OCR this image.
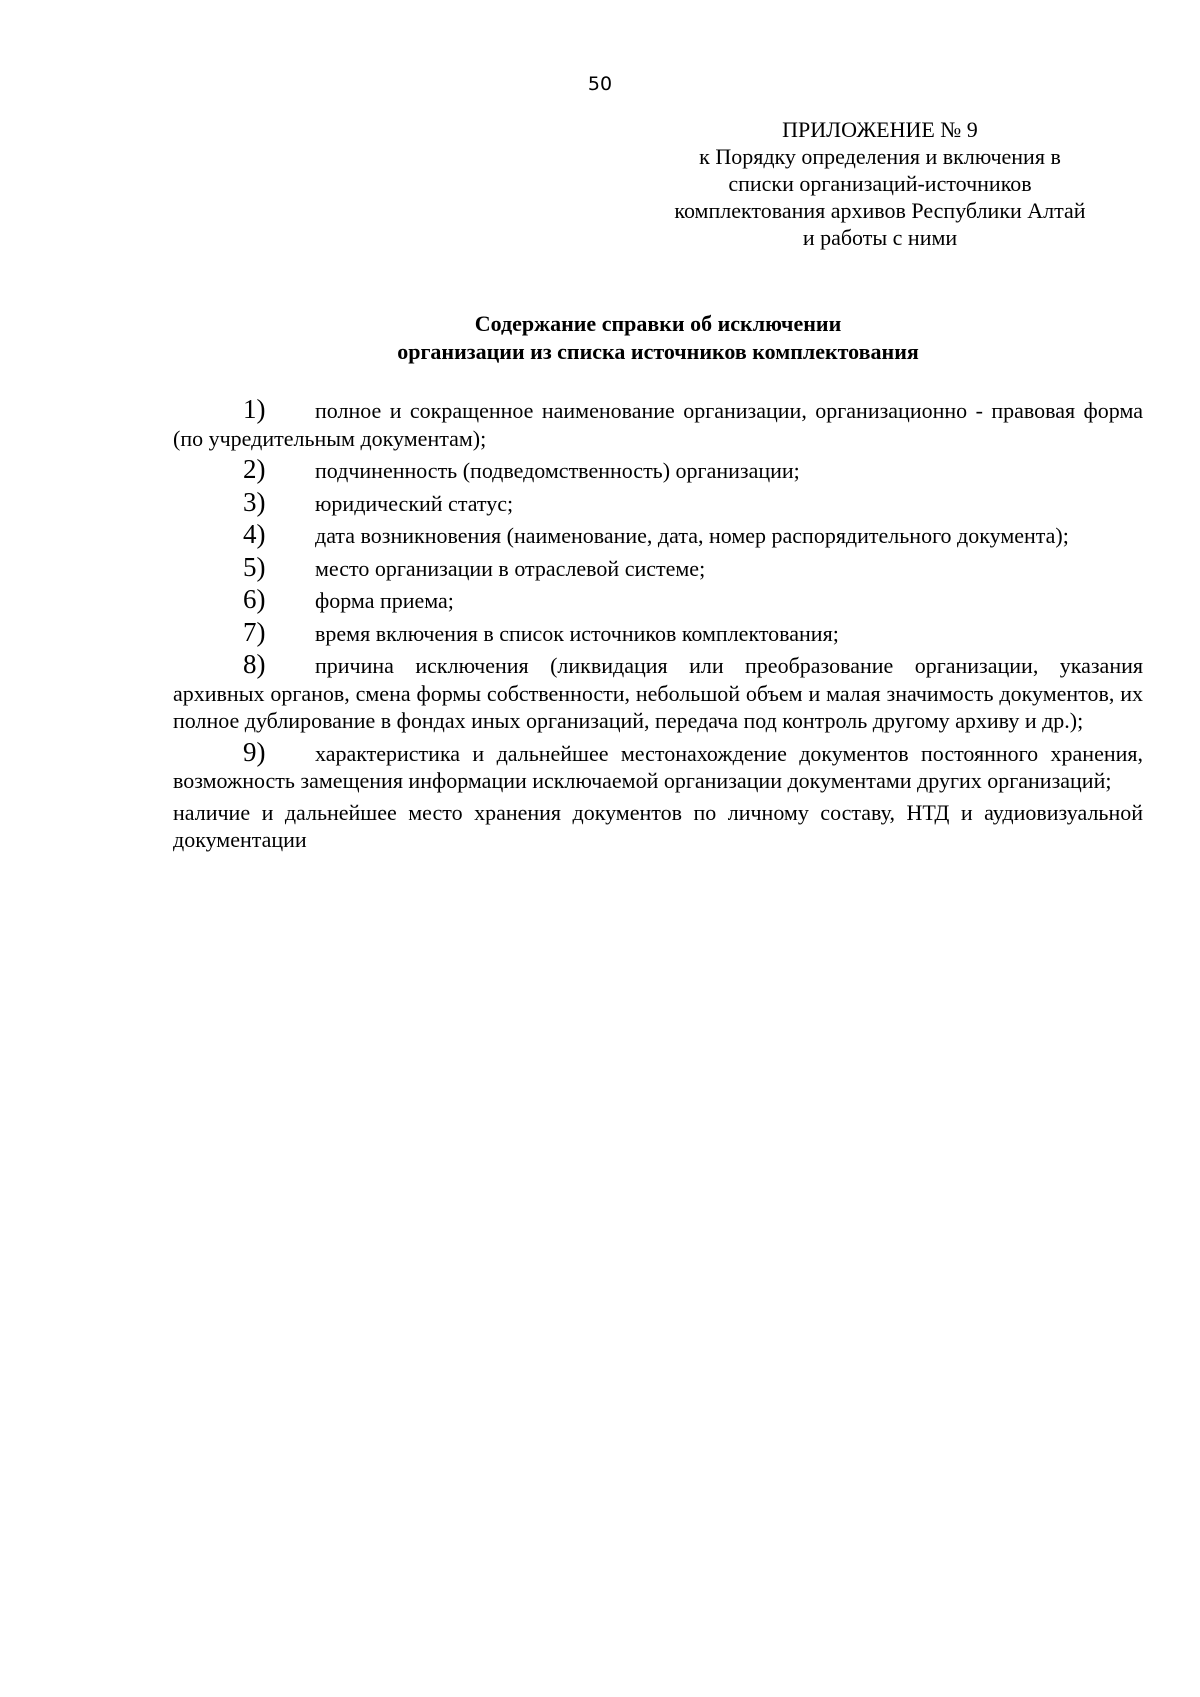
50
ПРИЛОЖЕНИЕ № 9
к Порядку определения и включения в
списки организаций-источников
комплектования архивов Республики Алтай
и работы с ними
Содержание справки об исключении
организации из списка источников комплектования

1) полное и сокращенное наименование организации, организационно - правовая форма (по учредительным документам);

2) подчиненность (подведомственность) организации;

3) юридический статус;

4) дата возникновения (наименование, дата, номер распорядительного документа);

5) место организации в отраслевой системе;

6) форма приема;

7) время включения в список источников комплектования;

8) причина исключения (ликвидация или преобразование организации, указания архивных органов, смена формы собственности, небольшой объем и малая значимость документов, их полное дублирование в фондах иных организаций, передача под контроль другому архиву и др.);

9) характеристика и дальнейшее местонахождение документов постоянного хранения, возможность замещения информации исключаемой организации документами других организаций;

наличие и дальнейшее место хранения документов по личному составу, НТД и аудиовизуальной документации
